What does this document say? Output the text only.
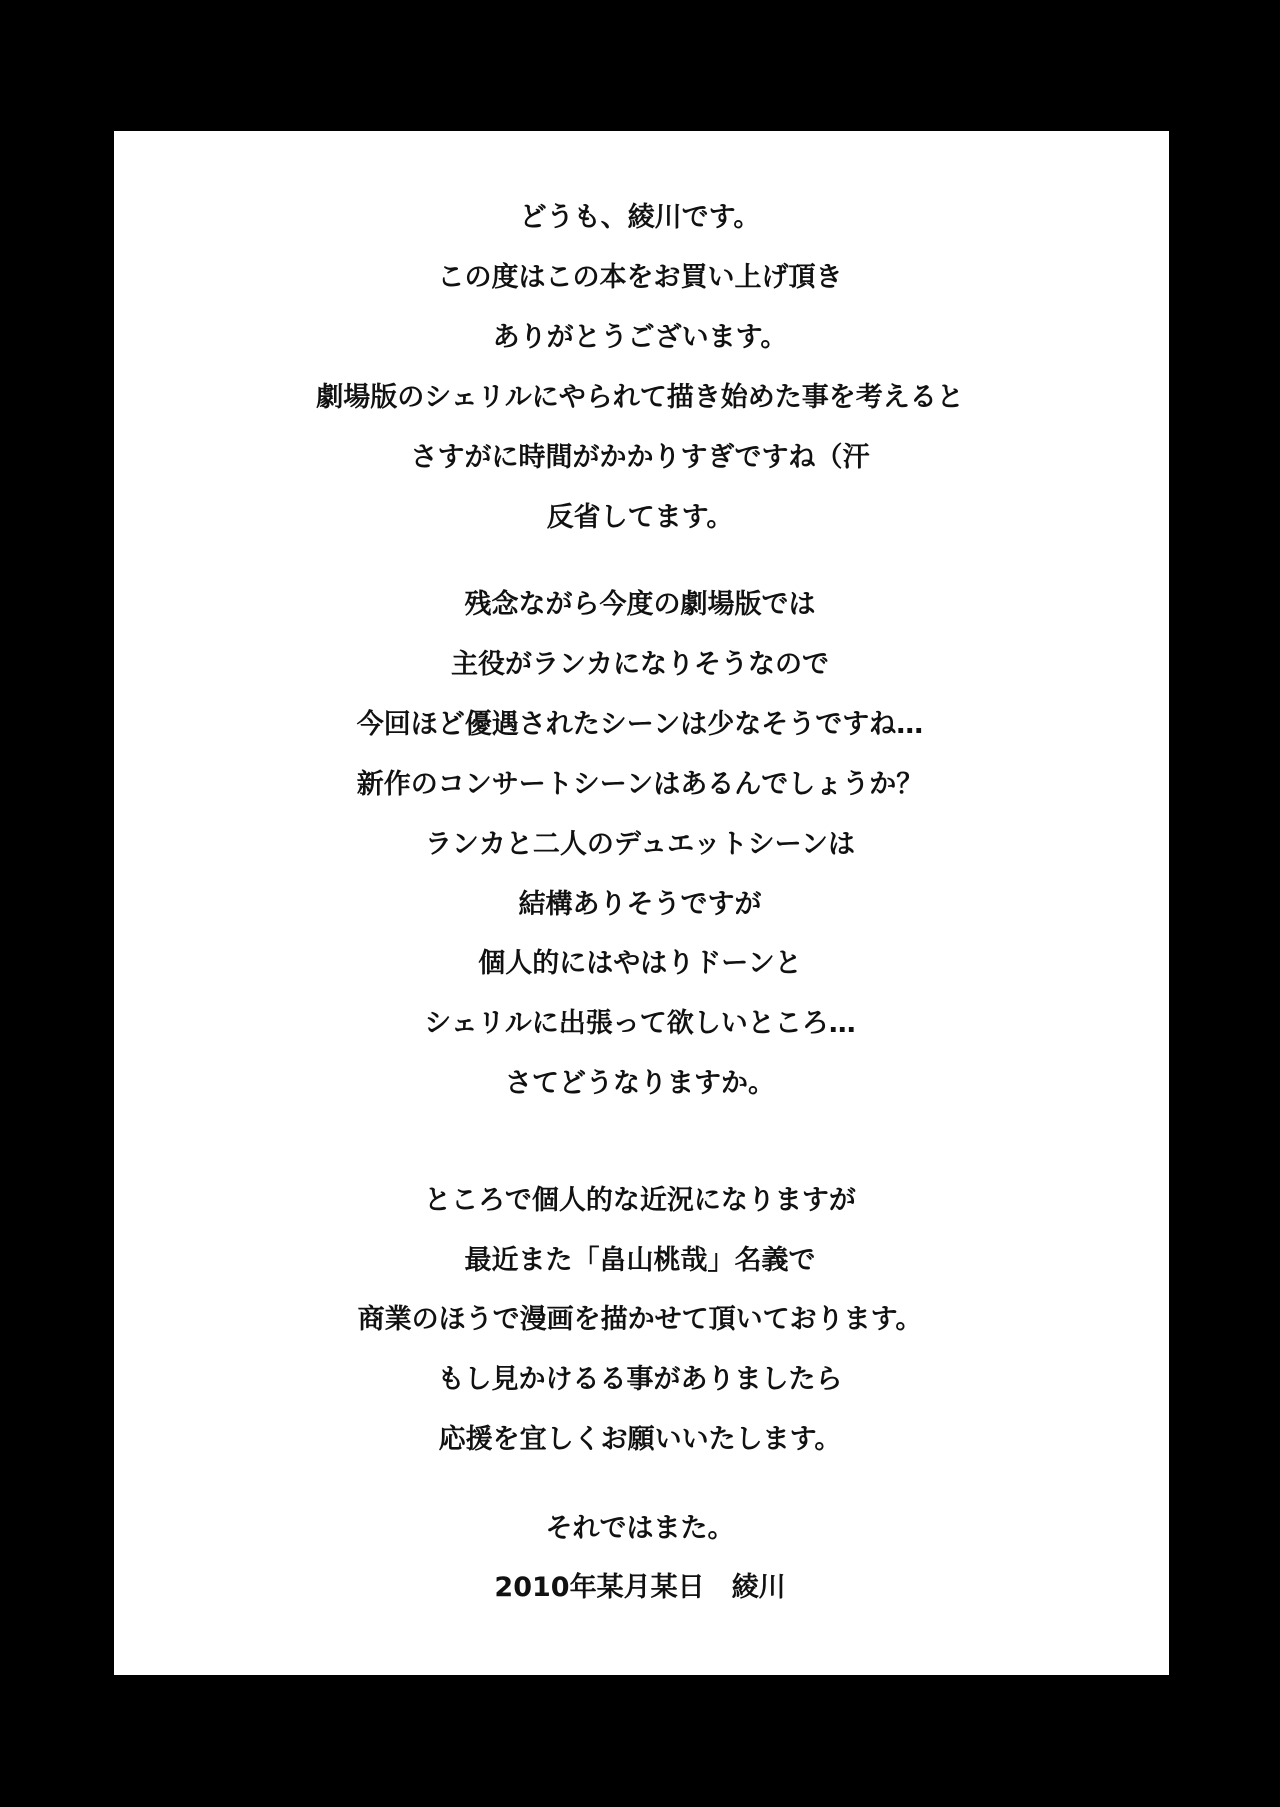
どうも、綾川です。
この度はこの本をお買い上げ頂き
ありがとうございます。
劇場版のシェリルにやられて描き始めた事を考えると
さすがに時間がかかりすぎですね（汗
反省してます。
残念ながら今度の劇場版では
主役がランカになりそうなので
今回ほど優遇されたシーンは少なそうですね…
新作のコンサートシーンはあるんでしょうか？
ランカと二人のデュエットシーンは
結構ありそうですが
個人的にはやはりドーンと
シェリルに出張って欲しいところ…
さてどうなりますか。
ところで個人的な近況になりますが
最近また「畠山桃哉」名義で
商業のほうで漫画を描かせて頂いております。
もし見かけるる事がありましたら
応援を宜しくお願いいたします。
それではまた。
2010年某月某日　綾川
